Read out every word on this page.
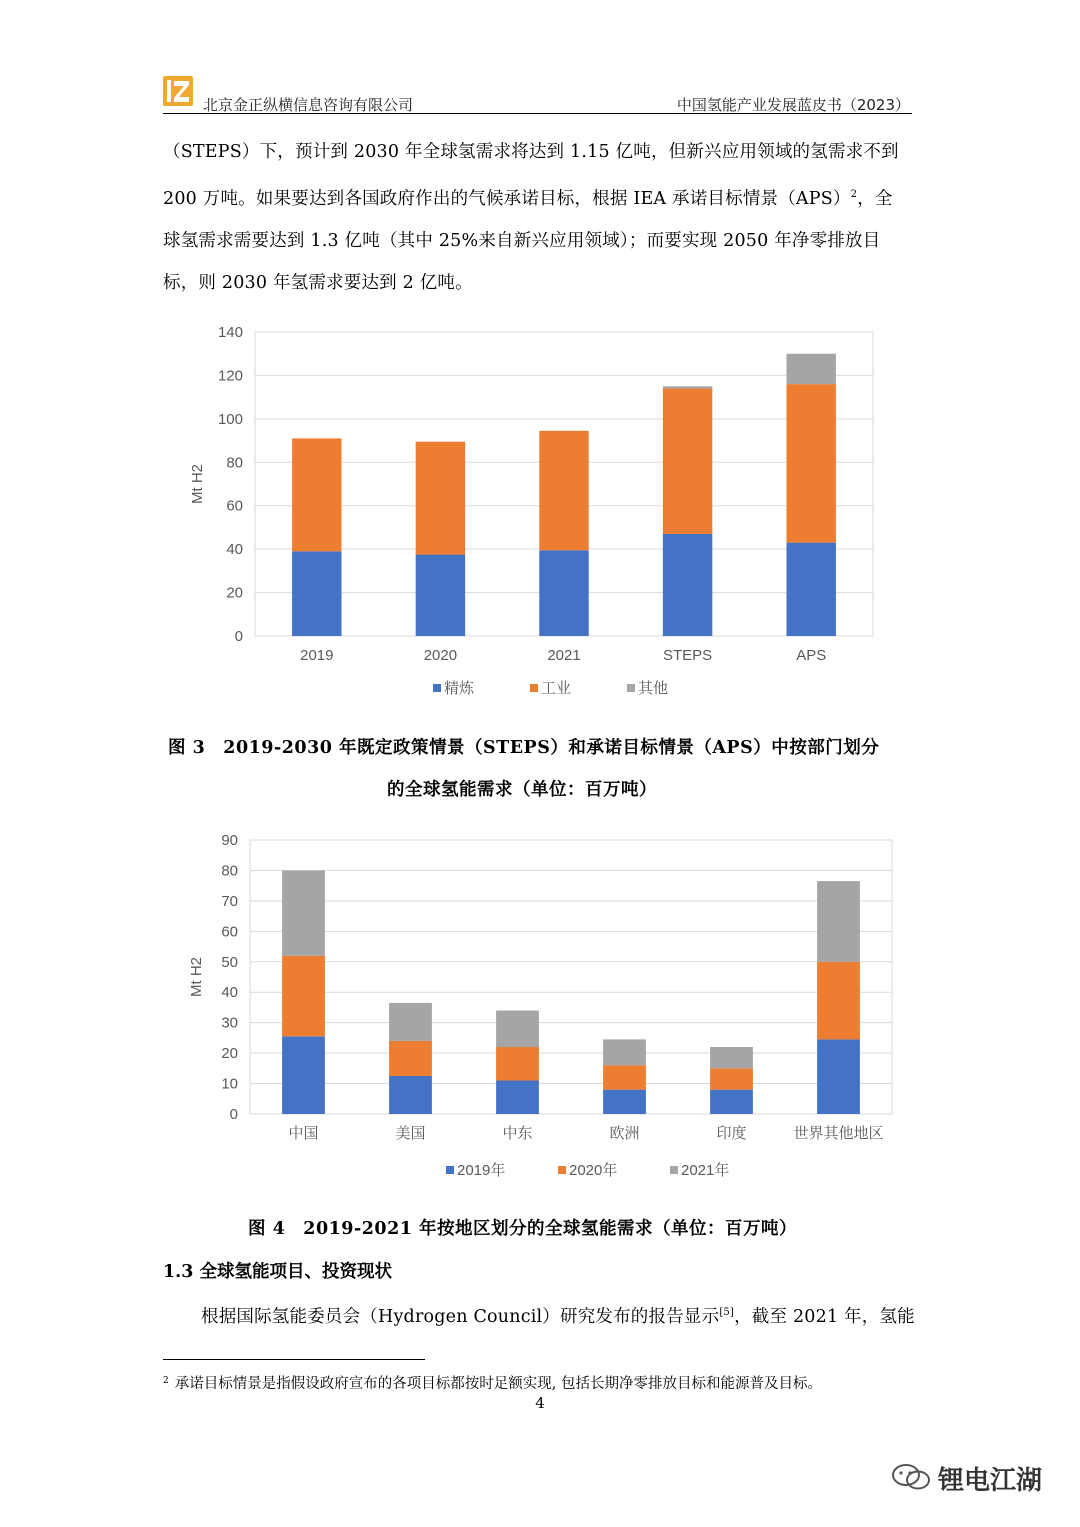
北京金正纵横信息咨询有限公司	中国氢能产业发展蓝皮书（2023）

（STEPS）下，预计到 2030 年全球氢需求将达到 1.15 亿吨，但新兴应用领域的氢需求不到

200 万吨。如果要达到各国政府作出的气候承诺目标，根据 IEA 承诺目标情景（APS）$^2$，全

球氢需求需要达到 1.3 亿吨（其中 25%来自新兴应用领域）；而要实现 2050 年净零排放目

标，则 2030 年氢需求要达到 2 亿吨。

0
20
40
60
80
100
120
140
Mt H2
2019	2020	2021	STEPS	APS
精炼	工业	其他
图 3　2019-2030 年既定政策情景（STEPS）和承诺目标情景（APS）中按部门划分
的全球氢能需求（单位：百万吨）
0
10
20
30
40
50
60
70
80
90
Mt H2
中国	美国	中东	欧洲	印度	世界其他地区
2019年	2020年	2021年
图 4　2019-2021 年按地区划分的全球氢能需求（单位：百万吨）
1.3 全球氢能项目、投资现状

根据国际氢能委员会（Hydrogen Council）研究发布的报告显示[5]，截至 2021 年，氢能

$^2$ 承诺目标情景是指假设政府宣布的各项目标都按时足额实现, 包括长期净零排放目标和能源普及目标。
4
锂电江湖
